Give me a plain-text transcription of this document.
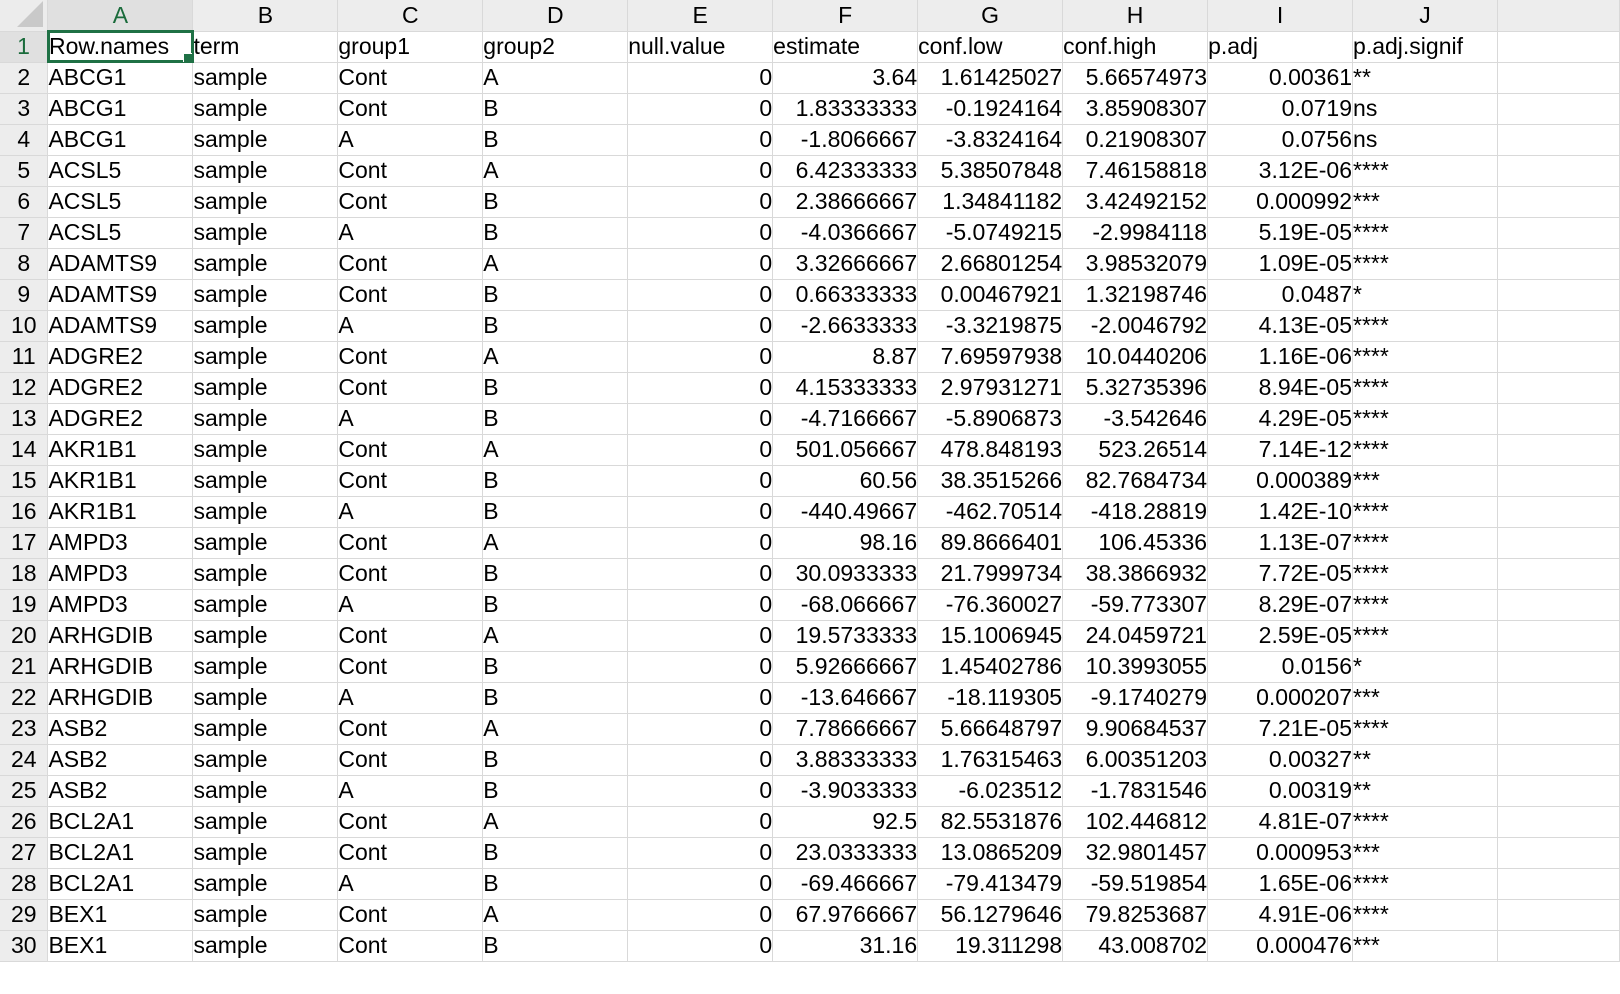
	A	B	C	D	E	F	G	H	I	J	
1	Row.names	term	group1	group2	null.value	estimate	conf.low	conf.high	p.adj	p.adj.signif	
2	ABCG1	sample	Cont	A	0	3.64	1.61425027	5.66574973	0.00361	**	
3	ABCG1	sample	Cont	B	0	1.83333333	-0.1924164	3.85908307	0.0719	ns	
4	ABCG1	sample	A	B	0	-1.8066667	-3.8324164	0.21908307	0.0756	ns	
5	ACSL5	sample	Cont	A	0	6.42333333	5.38507848	7.46158818	3.12E-06	****	
6	ACSL5	sample	Cont	B	0	2.38666667	1.34841182	3.42492152	0.000992	***	
7	ACSL5	sample	A	B	0	-4.0366667	-5.0749215	-2.9984118	5.19E-05	****	
8	ADAMTS9	sample	Cont	A	0	3.32666667	2.66801254	3.98532079	1.09E-05	****	
9	ADAMTS9	sample	Cont	B	0	0.66333333	0.00467921	1.32198746	0.0487	*	
10	ADAMTS9	sample	A	B	0	-2.6633333	-3.3219875	-2.0046792	4.13E-05	****	
11	ADGRE2	sample	Cont	A	0	8.87	7.69597938	10.0440206	1.16E-06	****	
12	ADGRE2	sample	Cont	B	0	4.15333333	2.97931271	5.32735396	8.94E-05	****	
13	ADGRE2	sample	A	B	0	-4.7166667	-5.8906873	-3.542646	4.29E-05	****	
14	AKR1B1	sample	Cont	A	0	501.056667	478.848193	523.26514	7.14E-12	****	
15	AKR1B1	sample	Cont	B	0	60.56	38.3515266	82.7684734	0.000389	***	
16	AKR1B1	sample	A	B	0	-440.49667	-462.70514	-418.28819	1.42E-10	****	
17	AMPD3	sample	Cont	A	0	98.16	89.8666401	106.45336	1.13E-07	****	
18	AMPD3	sample	Cont	B	0	30.0933333	21.7999734	38.3866932	7.72E-05	****	
19	AMPD3	sample	A	B	0	-68.066667	-76.360027	-59.773307	8.29E-07	****	
20	ARHGDIB	sample	Cont	A	0	19.5733333	15.1006945	24.0459721	2.59E-05	****	
21	ARHGDIB	sample	Cont	B	0	5.92666667	1.45402786	10.3993055	0.0156	*	
22	ARHGDIB	sample	A	B	0	-13.646667	-18.119305	-9.1740279	0.000207	***	
23	ASB2	sample	Cont	A	0	7.78666667	5.66648797	9.90684537	7.21E-05	****	
24	ASB2	sample	Cont	B	0	3.88333333	1.76315463	6.00351203	0.00327	**	
25	ASB2	sample	A	B	0	-3.9033333	-6.023512	-1.7831546	0.00319	**	
26	BCL2A1	sample	Cont	A	0	92.5	82.5531876	102.446812	4.81E-07	****	
27	BCL2A1	sample	Cont	B	0	23.0333333	13.0865209	32.9801457	0.000953	***	
28	BCL2A1	sample	A	B	0	-69.466667	-79.413479	-59.519854	1.65E-06	****	
29	BEX1	sample	Cont	A	0	67.9766667	56.1279646	79.8253687	4.91E-06	****	
30	BEX1	sample	Cont	B	0	31.16	19.311298	43.008702	0.000476	***	
